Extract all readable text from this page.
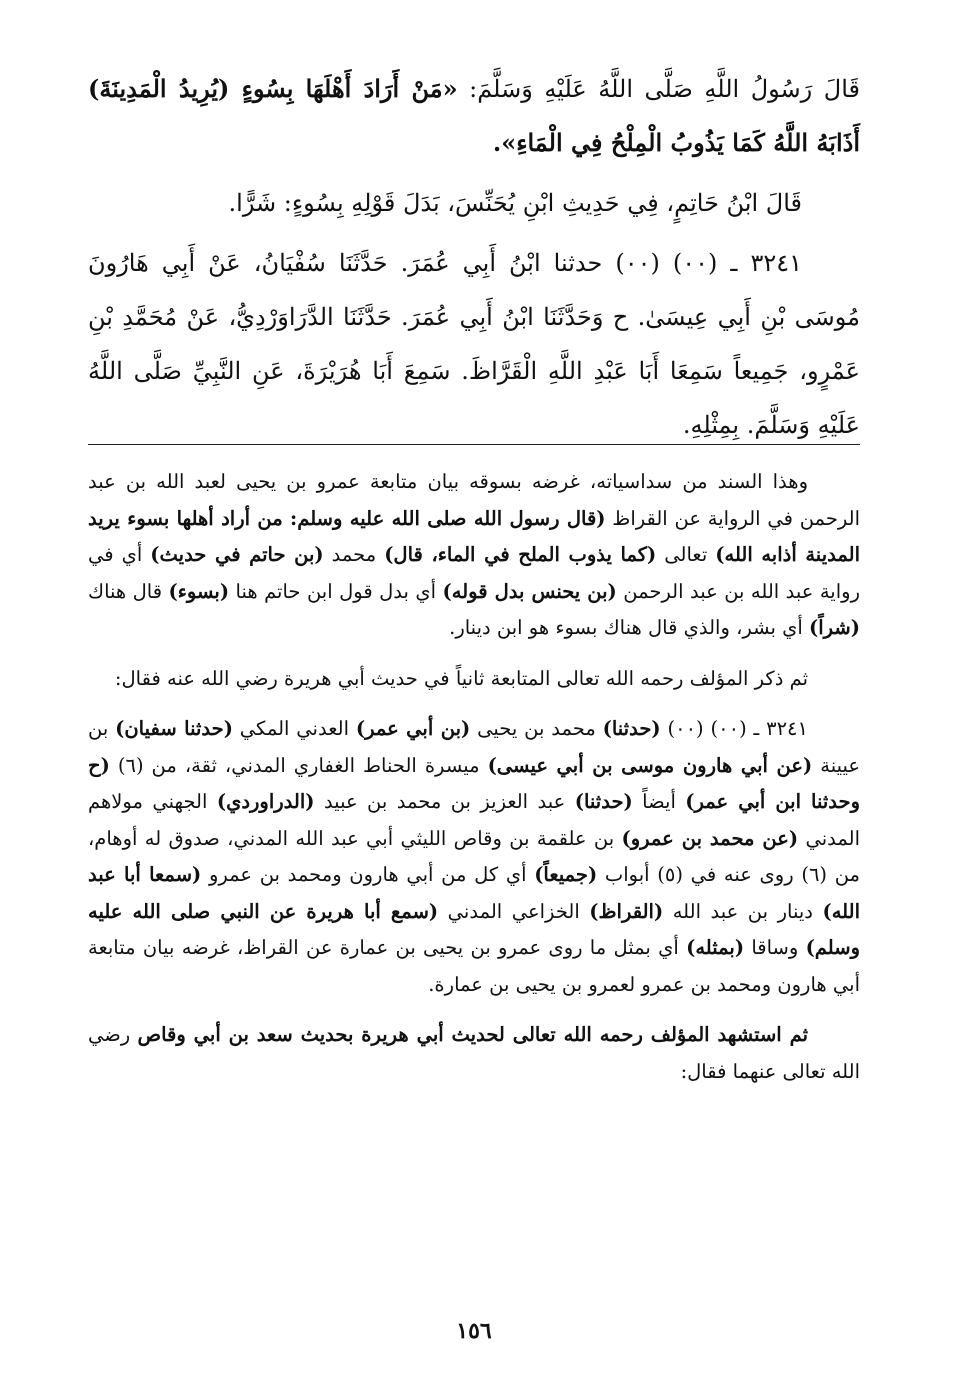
قَالَ رَسُولُ اللَّهِ صَلَّى اللَّهُ عَلَيْهِ وَسَلَّمَ: «مَنْ أَرَادَ أَهْلَهَا بِسُوءٍ (يُرِيدُ الْمَدِينَةَ) أَذَابَهُ اللَّهُ كَمَا يَذُوبُ الْمِلْحُ فِي الْمَاءِ».

قَالَ ابْنُ حَاتِمٍ، فِي حَدِيثِ ابْنِ يُحَنِّسَ، بَدَلَ قَوْلِهِ بِسُوءٍ: شَرًّا.

٣٢٤١ ـ (٠٠) (٠٠) حدثنا ابْنُ أَبِي عُمَرَ. حَدَّثَنَا سُفْيَانُ، عَنْ أَبِي هَارُونَ مُوسَى بْنِ أَبِي عِيسَىٰ. ح وَحَدَّثَنَا ابْنُ أَبِي عُمَرَ. حَدَّثَنَا الدَّرَاوَرْدِيُّ، عَنْ مُحَمَّدِ بْنِ عَمْرٍو، جَمِيعاً سَمِعَا أَبَا عَبْدِ اللَّهِ الْقَرَّاظَ. سَمِعَ أَبَا هُرَيْرَةَ، عَنِ النَّبِيِّ صَلَّى اللَّهُ عَلَيْهِ وَسَلَّمَ. بِمِثْلِهِ.

وهذا السند من سداسياته، غرضه بسوقه بيان متابعة عمرو بن يحيى لعبد الله بن عبد الرحمن في الرواية عن القراظ (قال رسول الله صلى الله عليه وسلم: من أراد أهلها بسوء يريد المدينة أذابه الله) تعالى (كما يذوب الملح في الماء، قال) محمد (بن حاتم في حديث) أي في رواية عبد الله بن عبد الرحمن (بن يحنس بدل قوله) أي بدل قول ابن حاتم هنا (بسوء) قال هناك (شراً) أي بشر، والذي قال هناك بسوء هو ابن دينار.

ثم ذكر المؤلف رحمه الله تعالى المتابعة ثانياً في حديث أبي هريرة رضي الله عنه فقال:

٣٢٤١ ـ (٠٠) (٠٠) (حدثنا) محمد بن يحيى (بن أبي عمر) العدني المكي (حدثنا سفيان) بن عيينة (عن أبي هارون موسى بن أبي عيسى) ميسرة الحناط الغفاري المدني، ثقة، من (٦) (ح وحدثنا ابن أبي عمر) أيضاً (حدثنا) عبد العزيز بن محمد بن عبيد (الدراوردي) الجهني مولاهم المدني (عن محمد بن عمرو) بن علقمة بن وقاص الليثي أبي عبد الله المدني، صدوق له أوهام، من (٦) روى عنه في (٥) أبواب (جميعاً) أي كل من أبي هارون ومحمد بن عمرو (سمعا أبا عبد الله) دينار بن عبد الله (القراظ) الخزاعي المدني (سمع أبا هريرة عن النبي صلى الله عليه وسلم) وساقا (بمثله) أي بمثل ما روى عمرو بن يحيى بن عمارة عن القراظ، غرضه بيان متابعة أبي هارون ومحمد بن عمرو لعمرو بن يحيى بن عمارة.

ثم استشهد المؤلف رحمه الله تعالى لحديث أبي هريرة بحديث سعد بن أبي وقاص رضي الله تعالى عنهما فقال:

١٥٦
